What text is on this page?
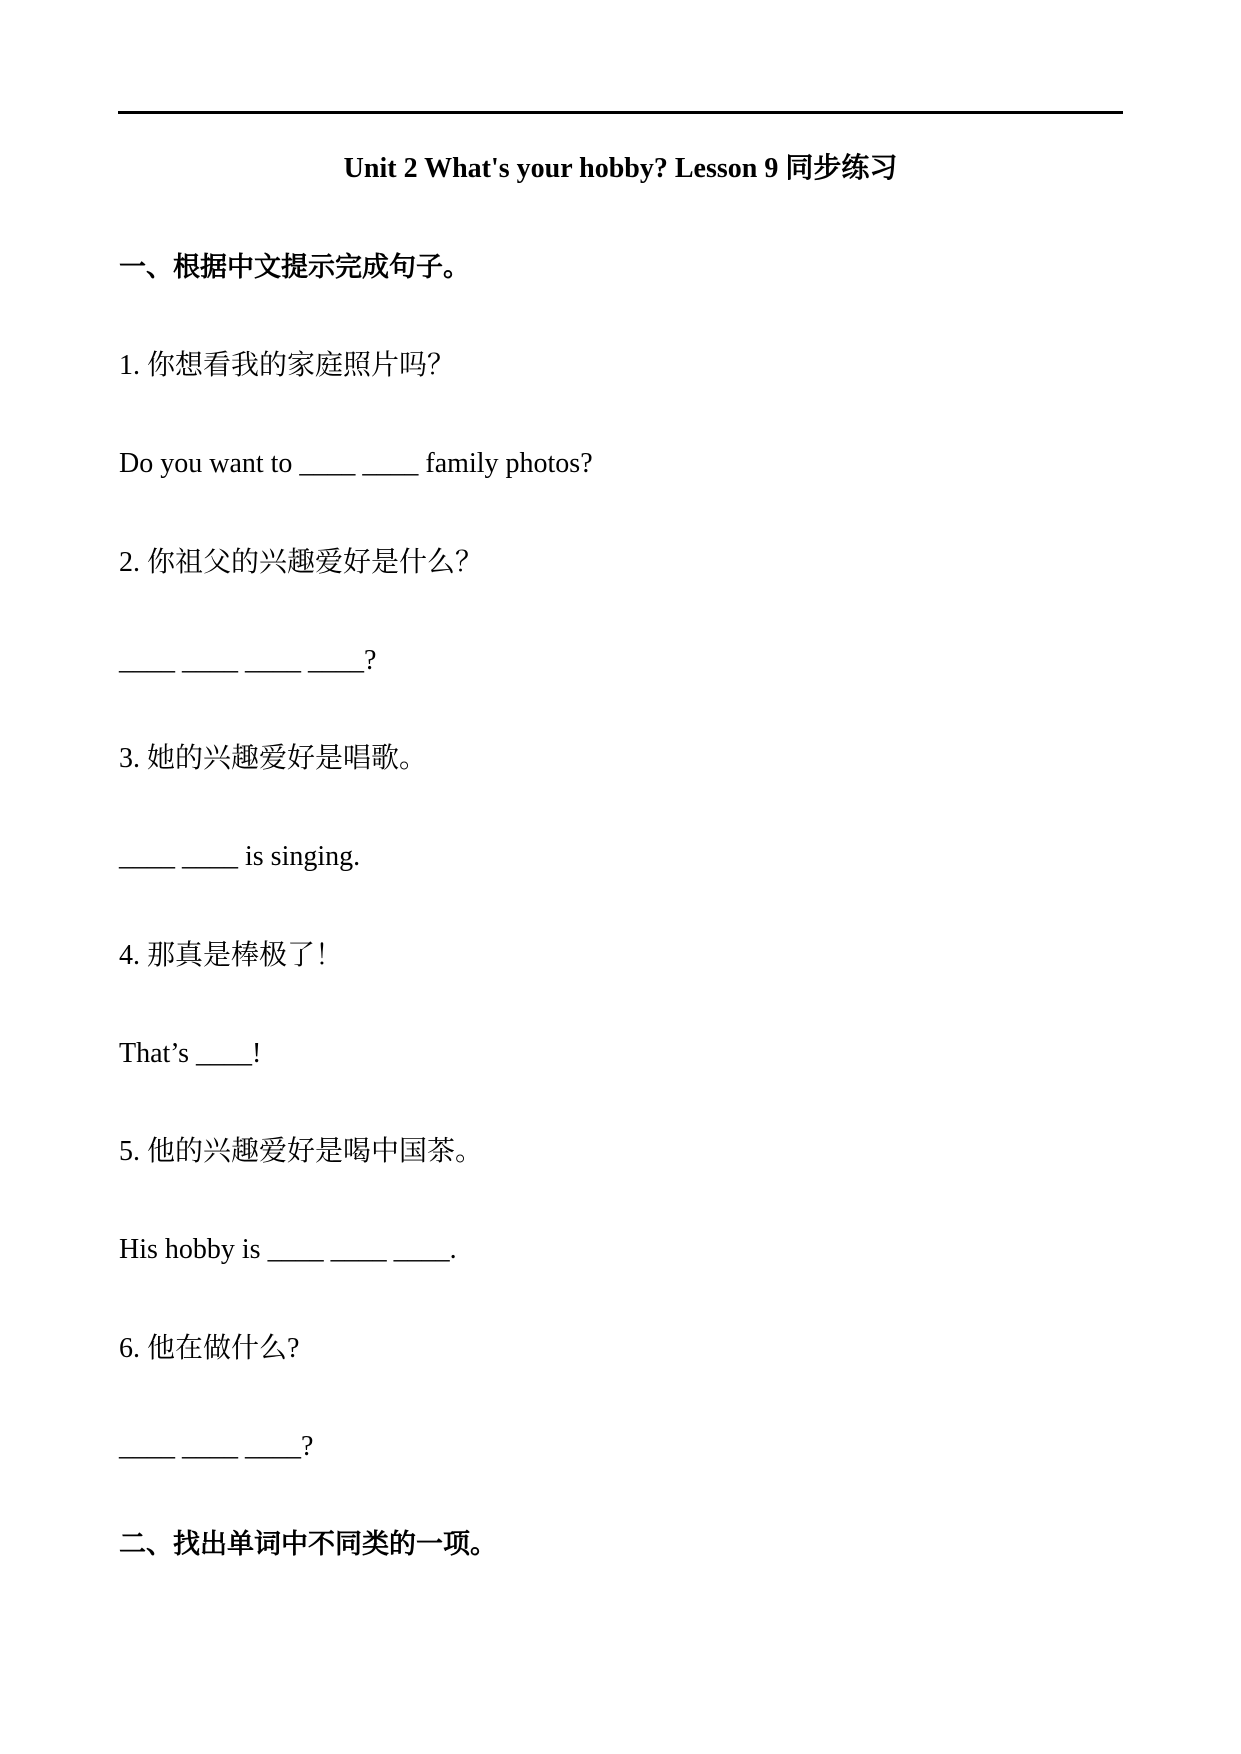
Unit 2 What's your hobby? Lesson 9 同步练习
一、根据中文提示完成句子。
1. 你想看我的家庭照片吗？
Do you want to ____ ____ family photos?
2. 你祖父的兴趣爱好是什么？
____ ____ ____ ____?
3. 她的兴趣爱好是唱歌。
____ ____ is singing.
4. 那真是棒极了！
That’s ____!
5. 他的兴趣爱好是喝中国茶。
His hobby is ____ ____ ____.
6. 他在做什么?
____ ____ ____?
二、找出单词中不同类的一项。
